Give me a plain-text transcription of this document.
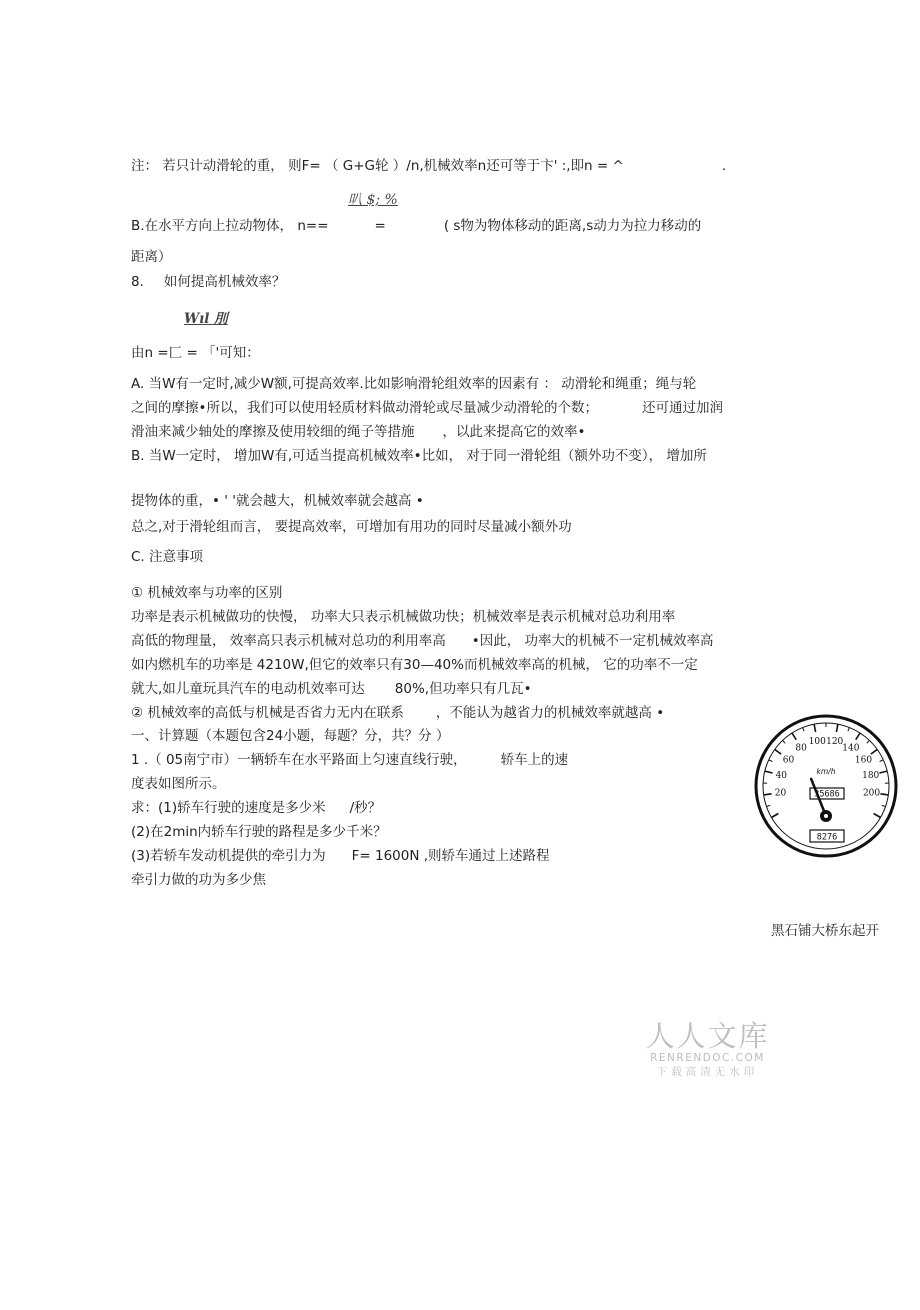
注： 若只计动滑轮的重， 则F= （ G+G轮 ）/n,机械效率n还可等于卞' :,即n = ^	.
叭 $; %
B.在水平方向上拉动物体， n==	=	( s物为物体移动的距离,s动力为拉力移动的
距离）
8. 如何提高机械效率？
Wıl 刖
由n =匚 = 「'可知：
A. 当W有一定时,减少W额,可提高效率.比如影响滑轮组效率的因素有 ： 动滑轮和绳重；绳与轮
之间的摩擦•所以，我们可以使用轻质材料做动滑轮或尽量减少动滑轮的个数；	还可通过加润
滑油来减少轴处的摩擦及使用较细的绳子等措施 ，以此来提高它的效率•
B. 当W一定时， 增加W有,可适当提高机械效率•比如， 对于同一滑轮组（额外功不变）， 增加所
提物体的重，• ' '就会越大，机械效率就会越高 •
总之,对于滑轮组而言， 要提高效率，可增加有用功的同时尽量减小额外功
C. 注意事项
① 机械效率与功率的区别
功率是表示机械做功的快慢， 功率大只表示机械做功快；机械效率是表示机械对总功利用率
高低的物理量， 效率高只表示机械对总功的利用率高 •因此， 功率大的机械不一定机械效率高
如内燃机车的功率是 4210W,但它的效率只有30—40%而机械效率高的机械， 它的功率不一定
就大,如儿童玩具汽车的电动机效率可达 80%,但功率只有几瓦•
② 机械效率的高低与机械是否省力无内在联系 ，不能认为越省力的机械效率就越高 •
一、计算题（本题包含24小题，每题？分，共？分 ）
1 .（ 05南宁市）一辆轿车在水平路面上匀速直线行驶，	轿车上的速
度表如图所示。
求：(1)轿车行驶的速度是多少米 /秒？
(2)在2min内轿车行驶的路程是多少千米？
(3)若轿车发动机提供的牵引力为 F= 1600N ,则轿车通过上述路程
牵引力做的功为多少焦
20
40
60
80
100 120
140
160
180
200
km/h
35686
8276
黑石铺大桥东起开
人人文库
RENRENDOC.COM
下载高清无水印
